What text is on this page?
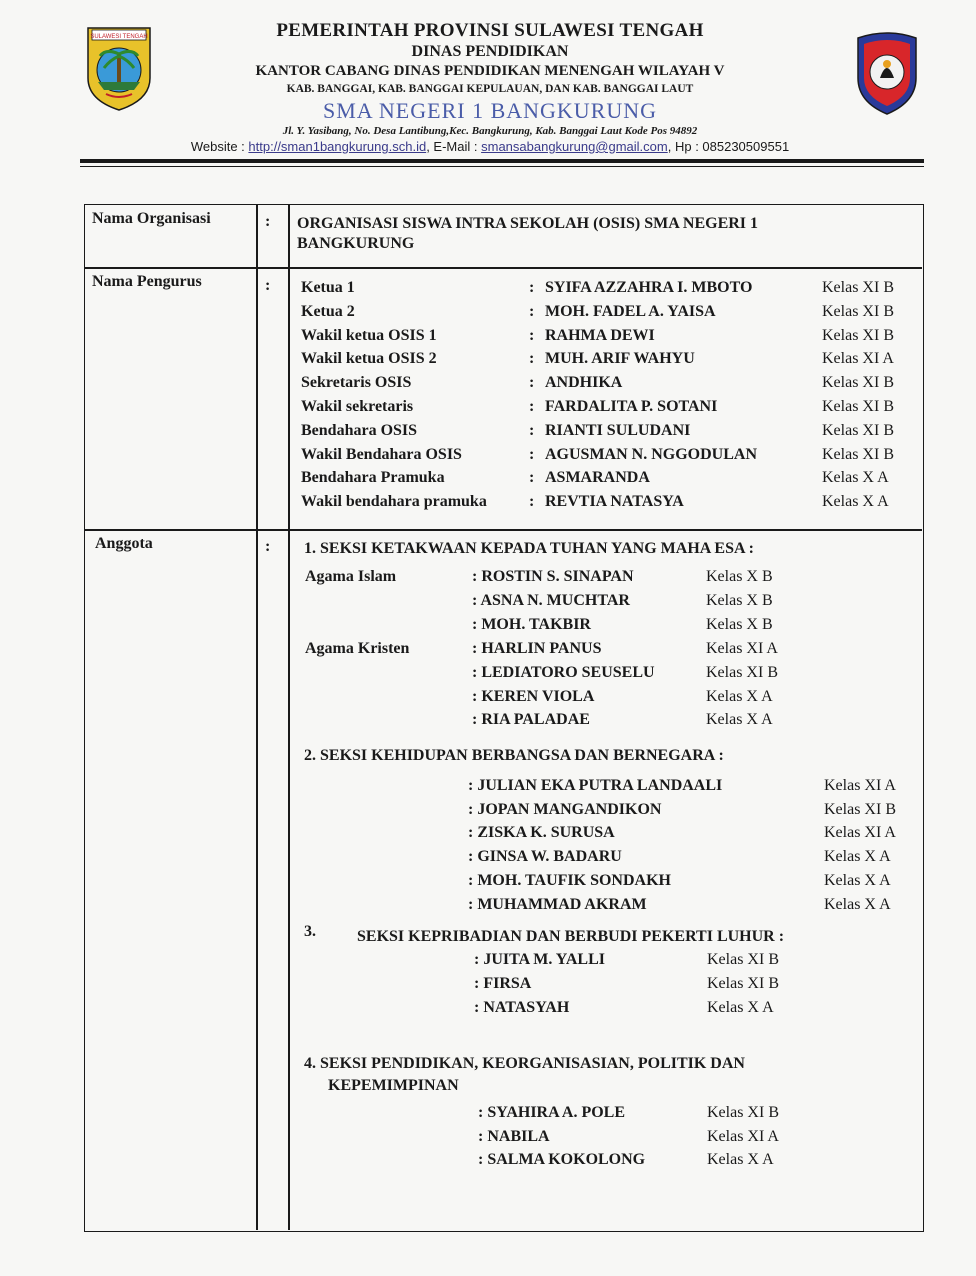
SULAWESI TENGAH	PEMERINTAH PROVINSI SULAWESI TENGAH
DINAS PENDIDIKAN
KANTOR CABANG DINAS PENDIDIKAN MENENGAH WILAYAH V
KAB. BANGGAI, KAB. BANGGAI KEPULAUAN, DAN KAB. BANGGAI LAUT
SMA NEGERI 1 BANGKURUNG
Jl. Y. Yasibang, No. Desa Lantibung,Kec. Bangkurung, Kab. Banggai Laut Kode Pos 94892
Website : http://sman1bangkurung.sch.id, E-Mail : smansabangkurung@gmail.com, Hp : 085230509551
Nama Organisasi	: ORGANISASI SISWA INTRA SEKOLAH (OSIS) SMA NEGERI 1
BANGKURUNG
Nama Pengurus	: Ketua 1	: SYIFA AZZAHRA I. MBOTO	Kelas XI B
Ketua 2	: MOH. FADEL A. YAISA	Kelas XI B
Wakil ketua OSIS 1	: RAHMA DEWI	Kelas XI B
Wakil ketua OSIS 2	: MUH. ARIF WAHYU	Kelas XI A
Sekretaris OSIS	: ANDHIKA	Kelas XI B
Wakil sekretaris	: FARDALITA P. SOTANI	Kelas XI B
Bendahara OSIS	: RIANTI SULUDANI	Kelas XI B
Wakil Bendahara OSIS	: AGUSMAN N. NGGODULAN	Kelas XI B
Bendahara Pramuka	: ASMARANDA	Kelas X A
Wakil bendahara pramuka	: REVTIA NATASYA	Kelas X A
Anggota	: 1. SEKSI KETAKWAAN KEPADA TUHAN YANG MAHA ESA :
Agama Islam	: ROSTIN S. SINAPAN	Kelas X B
: ASNA N. MUCHTAR	Kelas X B
: MOH. TAKBIR	Kelas X B
Agama Kristen	: HARLIN PANUS	Kelas XI A
: LEDIATORO SEUSELU	Kelas XI B
: KEREN VIOLA	Kelas X A
: RIA PALADAE	Kelas X A
2. SEKSI KEHIDUPAN BERBANGSA DAN BERNEGARA :
: JULIAN EKA PUTRA LANDAALI	Kelas XI A
: JOPAN MANGANDIKON	Kelas XI B
: ZISKA K. SURUSA	Kelas XI A
: GINSA W. BADARU	Kelas X A
: MOH. TAUFIK SONDAKH	Kelas X A
: MUHAMMAD AKRAM	Kelas X A
3.	SEKSI KEPRIBADIAN DAN BERBUDI PEKERTI LUHUR :
: JUITA M. YALLI	Kelas XI B
: FIRSA	Kelas XI B
: NATASYAH	Kelas X A
4. SEKSI PENDIDIKAN, KEORGANISASIAN, POLITIK DAN
KEPEMIMPINAN
: SYAHIRA A. POLE	Kelas XI B
: NABILA	Kelas XI A
: SALMA KOKOLONG	Kelas X A
